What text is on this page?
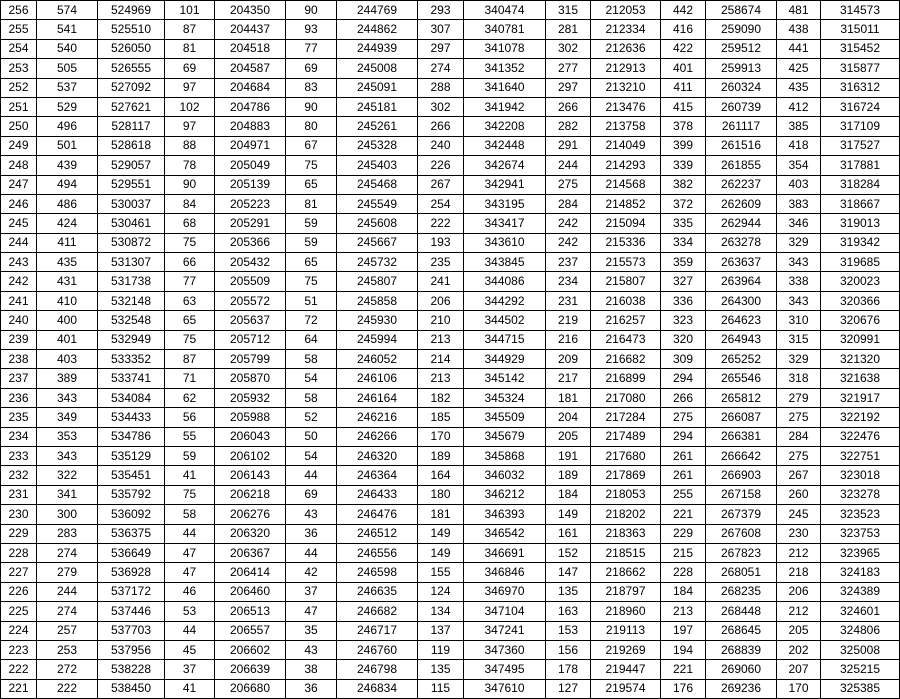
256	574	524969	101	204350	90	244769	293	340474	315	212053	442	258674	481	314573
255	541	525510	87	204437	93	244862	307	340781	281	212334	416	259090	438	315011
254	540	526050	81	204518	77	244939	297	341078	302	212636	422	259512	441	315452
253	505	526555	69	204587	69	245008	274	341352	277	212913	401	259913	425	315877
252	537	527092	97	204684	83	245091	288	341640	297	213210	411	260324	435	316312
251	529	527621	102	204786	90	245181	302	341942	266	213476	415	260739	412	316724
250	496	528117	97	204883	80	245261	266	342208	282	213758	378	261117	385	317109
249	501	528618	88	204971	67	245328	240	342448	291	214049	399	261516	418	317527
248	439	529057	78	205049	75	245403	226	342674	244	214293	339	261855	354	317881
247	494	529551	90	205139	65	245468	267	342941	275	214568	382	262237	403	318284
246	486	530037	84	205223	81	245549	254	343195	284	214852	372	262609	383	318667
245	424	530461	68	205291	59	245608	222	343417	242	215094	335	262944	346	319013
244	411	530872	75	205366	59	245667	193	343610	242	215336	334	263278	329	319342
243	435	531307	66	205432	65	245732	235	343845	237	215573	359	263637	343	319685
242	431	531738	77	205509	75	245807	241	344086	234	215807	327	263964	338	320023
241	410	532148	63	205572	51	245858	206	344292	231	216038	336	264300	343	320366
240	400	532548	65	205637	72	245930	210	344502	219	216257	323	264623	310	320676
239	401	532949	75	205712	64	245994	213	344715	216	216473	320	264943	315	320991
238	403	533352	87	205799	58	246052	214	344929	209	216682	309	265252	329	321320
237	389	533741	71	205870	54	246106	213	345142	217	216899	294	265546	318	321638
236	343	534084	62	205932	58	246164	182	345324	181	217080	266	265812	279	321917
235	349	534433	56	205988	52	246216	185	345509	204	217284	275	266087	275	322192
234	353	534786	55	206043	50	246266	170	345679	205	217489	294	266381	284	322476
233	343	535129	59	206102	54	246320	189	345868	191	217680	261	266642	275	322751
232	322	535451	41	206143	44	246364	164	346032	189	217869	261	266903	267	323018
231	341	535792	75	206218	69	246433	180	346212	184	218053	255	267158	260	323278
230	300	536092	58	206276	43	246476	181	346393	149	218202	221	267379	245	323523
229	283	536375	44	206320	36	246512	149	346542	161	218363	229	267608	230	323753
228	274	536649	47	206367	44	246556	149	346691	152	218515	215	267823	212	323965
227	279	536928	47	206414	42	246598	155	346846	147	218662	228	268051	218	324183
226	244	537172	46	206460	37	246635	124	346970	135	218797	184	268235	206	324389
225	274	537446	53	206513	47	246682	134	347104	163	218960	213	268448	212	324601
224	257	537703	44	206557	35	246717	137	347241	153	219113	197	268645	205	324806
223	253	537956	45	206602	43	246760	119	347360	156	219269	194	268839	202	325008
222	272	538228	37	206639	38	246798	135	347495	178	219447	221	269060	207	325215
221	222	538450	41	206680	36	246834	115	347610	127	219574	176	269236	170	325385
